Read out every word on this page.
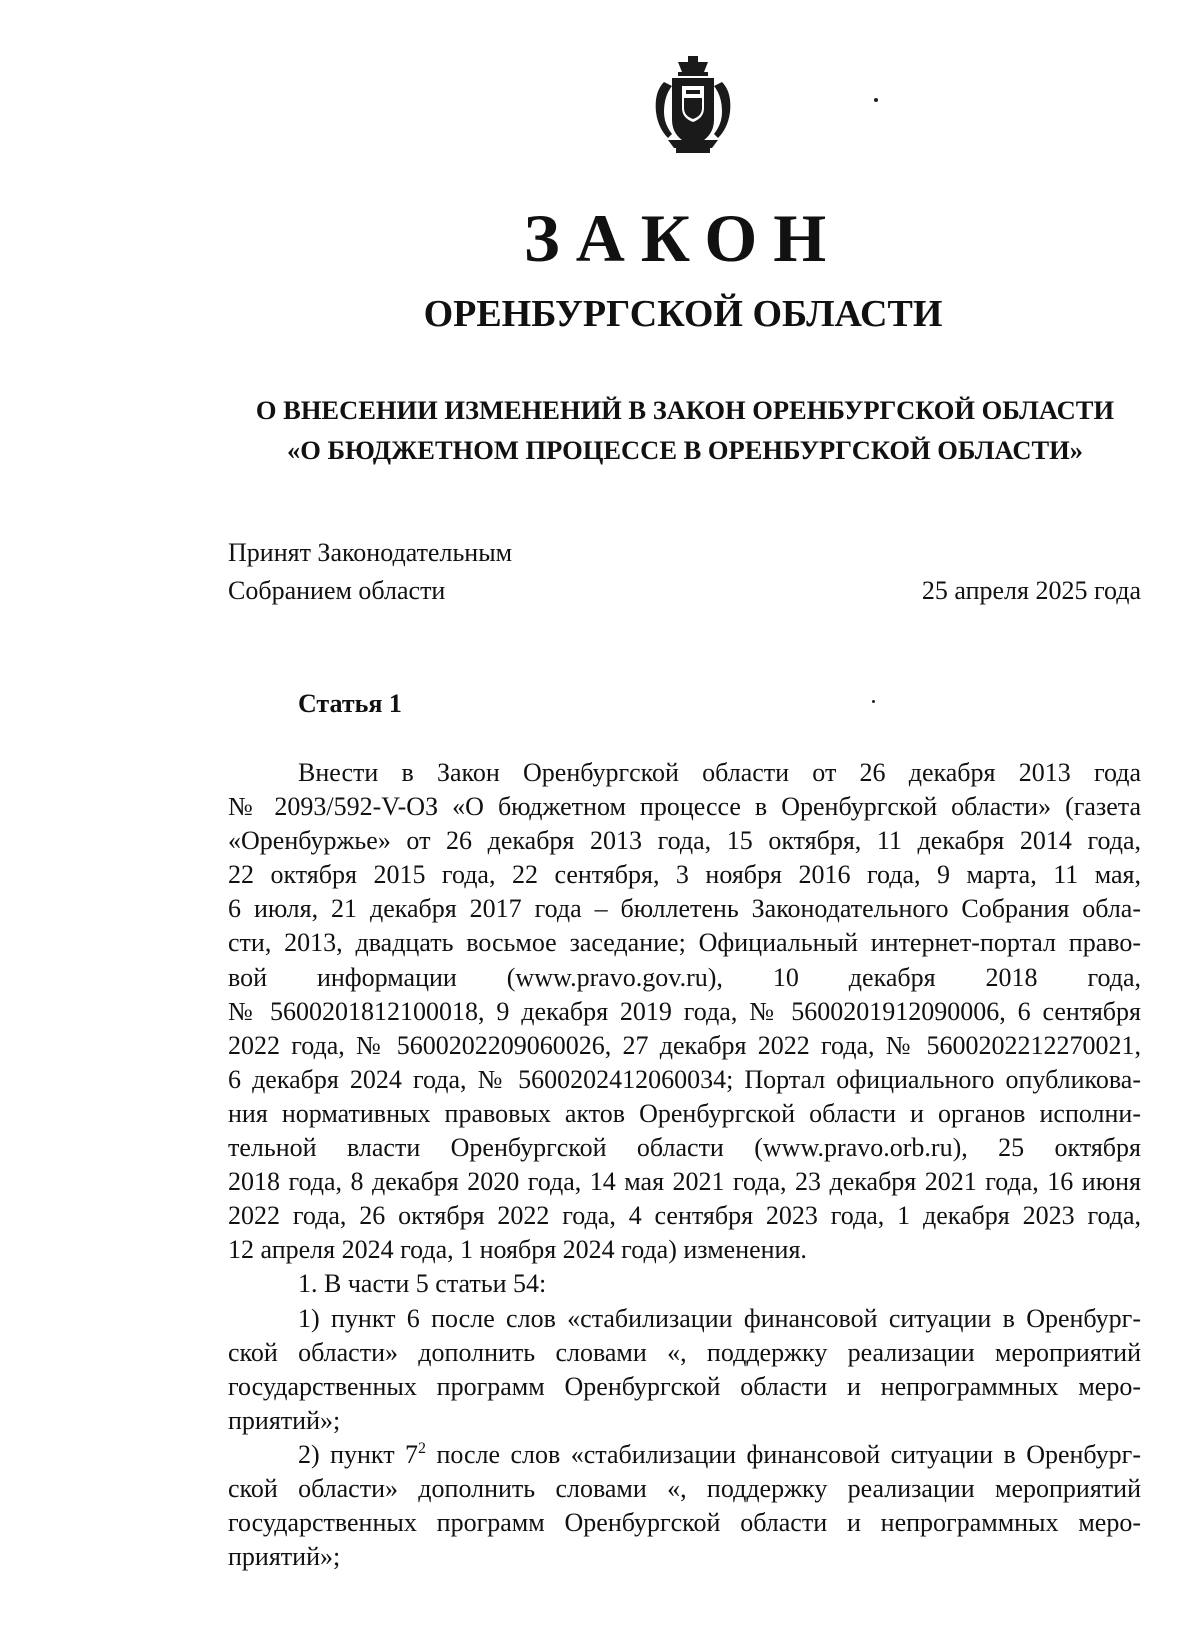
ЗАКОН
ОРЕНБУРГСКОЙ ОБЛАСТИ
О ВНЕСЕНИИ ИЗМЕНЕНИЙ В ЗАКОН ОРЕНБУРГСКОЙ ОБЛАСТИ
«О БЮДЖЕТНОМ ПРОЦЕССЕ В ОРЕНБУРГСКОЙ ОБЛАСТИ»
Принят Законодательным
Собранием области	25 апреля 2025 года
Статья 1
Внести в Закон Оренбургской области от 26 декабря 2013 года
№ 2093/592-V-ОЗ «О бюджетном процессе в Оренбургской области» (газета
«Оренбуржье» от 26 декабря 2013 года, 15 октября, 11 декабря 2014 года,
22 октября 2015 года, 22 сентября, 3 ноября 2016 года, 9 марта, 11 мая,
6 июля, 21 декабря 2017 года – бюллетень Законодательного Собрания обла-
сти, 2013, двадцать восьмое заседание; Официальный интернет-портал право-
вой информации (www.pravo.gov.ru), 10 декабря 2018 года,
№ 5600201812100018, 9 декабря 2019 года, № 5600201912090006, 6 сентября
2022 года, № 5600202209060026, 27 декабря 2022 года, № 5600202212270021,
6 декабря 2024 года, № 5600202412060034; Портал официального опубликова-
ния нормативных правовых актов Оренбургской области и органов исполни-
тельной власти Оренбургской области (www.pravo.orb.ru), 25 октября
2018 года, 8 декабря 2020 года, 14 мая 2021 года, 23 декабря 2021 года, 16 июня
2022 года, 26 октября 2022 года, 4 сентября 2023 года, 1 декабря 2023 года,
12 апреля 2024 года, 1 ноября 2024 года) изменения.
1. В части 5 статьи 54:
1) пункт 6 после слов «стабилизации финансовой ситуации в Оренбург-
ской области» дополнить словами «, поддержку реализации мероприятий
государственных программ Оренбургской области и непрограммных меро-
приятий»;
2) пункт $7^2$ после слов «стабилизации финансовой ситуации в Оренбург-
ской области» дополнить словами «, поддержку реализации мероприятий
государственных программ Оренбургской области и непрограммных меро-
приятий»;
